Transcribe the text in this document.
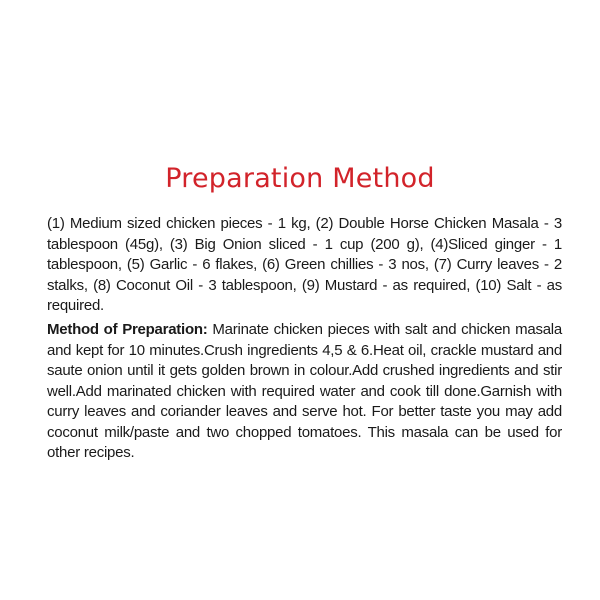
Preparation Method

(1) Medium sized chicken pieces - 1 kg, (2) Double Horse Chicken Masala - 3 tablespoon (45g), (3) Big Onion sliced - 1 cup (200 g), (4)Sliced ginger - 1 tablespoon, (5) Garlic - 6 flakes, (6) Green chillies - 3 nos, (7) Curry leaves - 2 stalks, (8) Coconut Oil - 3 tablespoon, (9) Mustard - as required, (10) Salt - as required.

Method of Preparation: Marinate chicken pieces with salt and chicken masala and kept for 10 minutes.Crush ingredients 4,5 & 6.Heat oil, crackle mustard and saute onion until it gets golden brown in colour.Add crushed ingredients and stir well.Add marinated chicken with required water and cook till done.Garnish with curry leaves and coriander leaves and serve hot. For better taste you may add coconut milk/paste and two chopped tomatoes. This masala can be used for other recipes.
